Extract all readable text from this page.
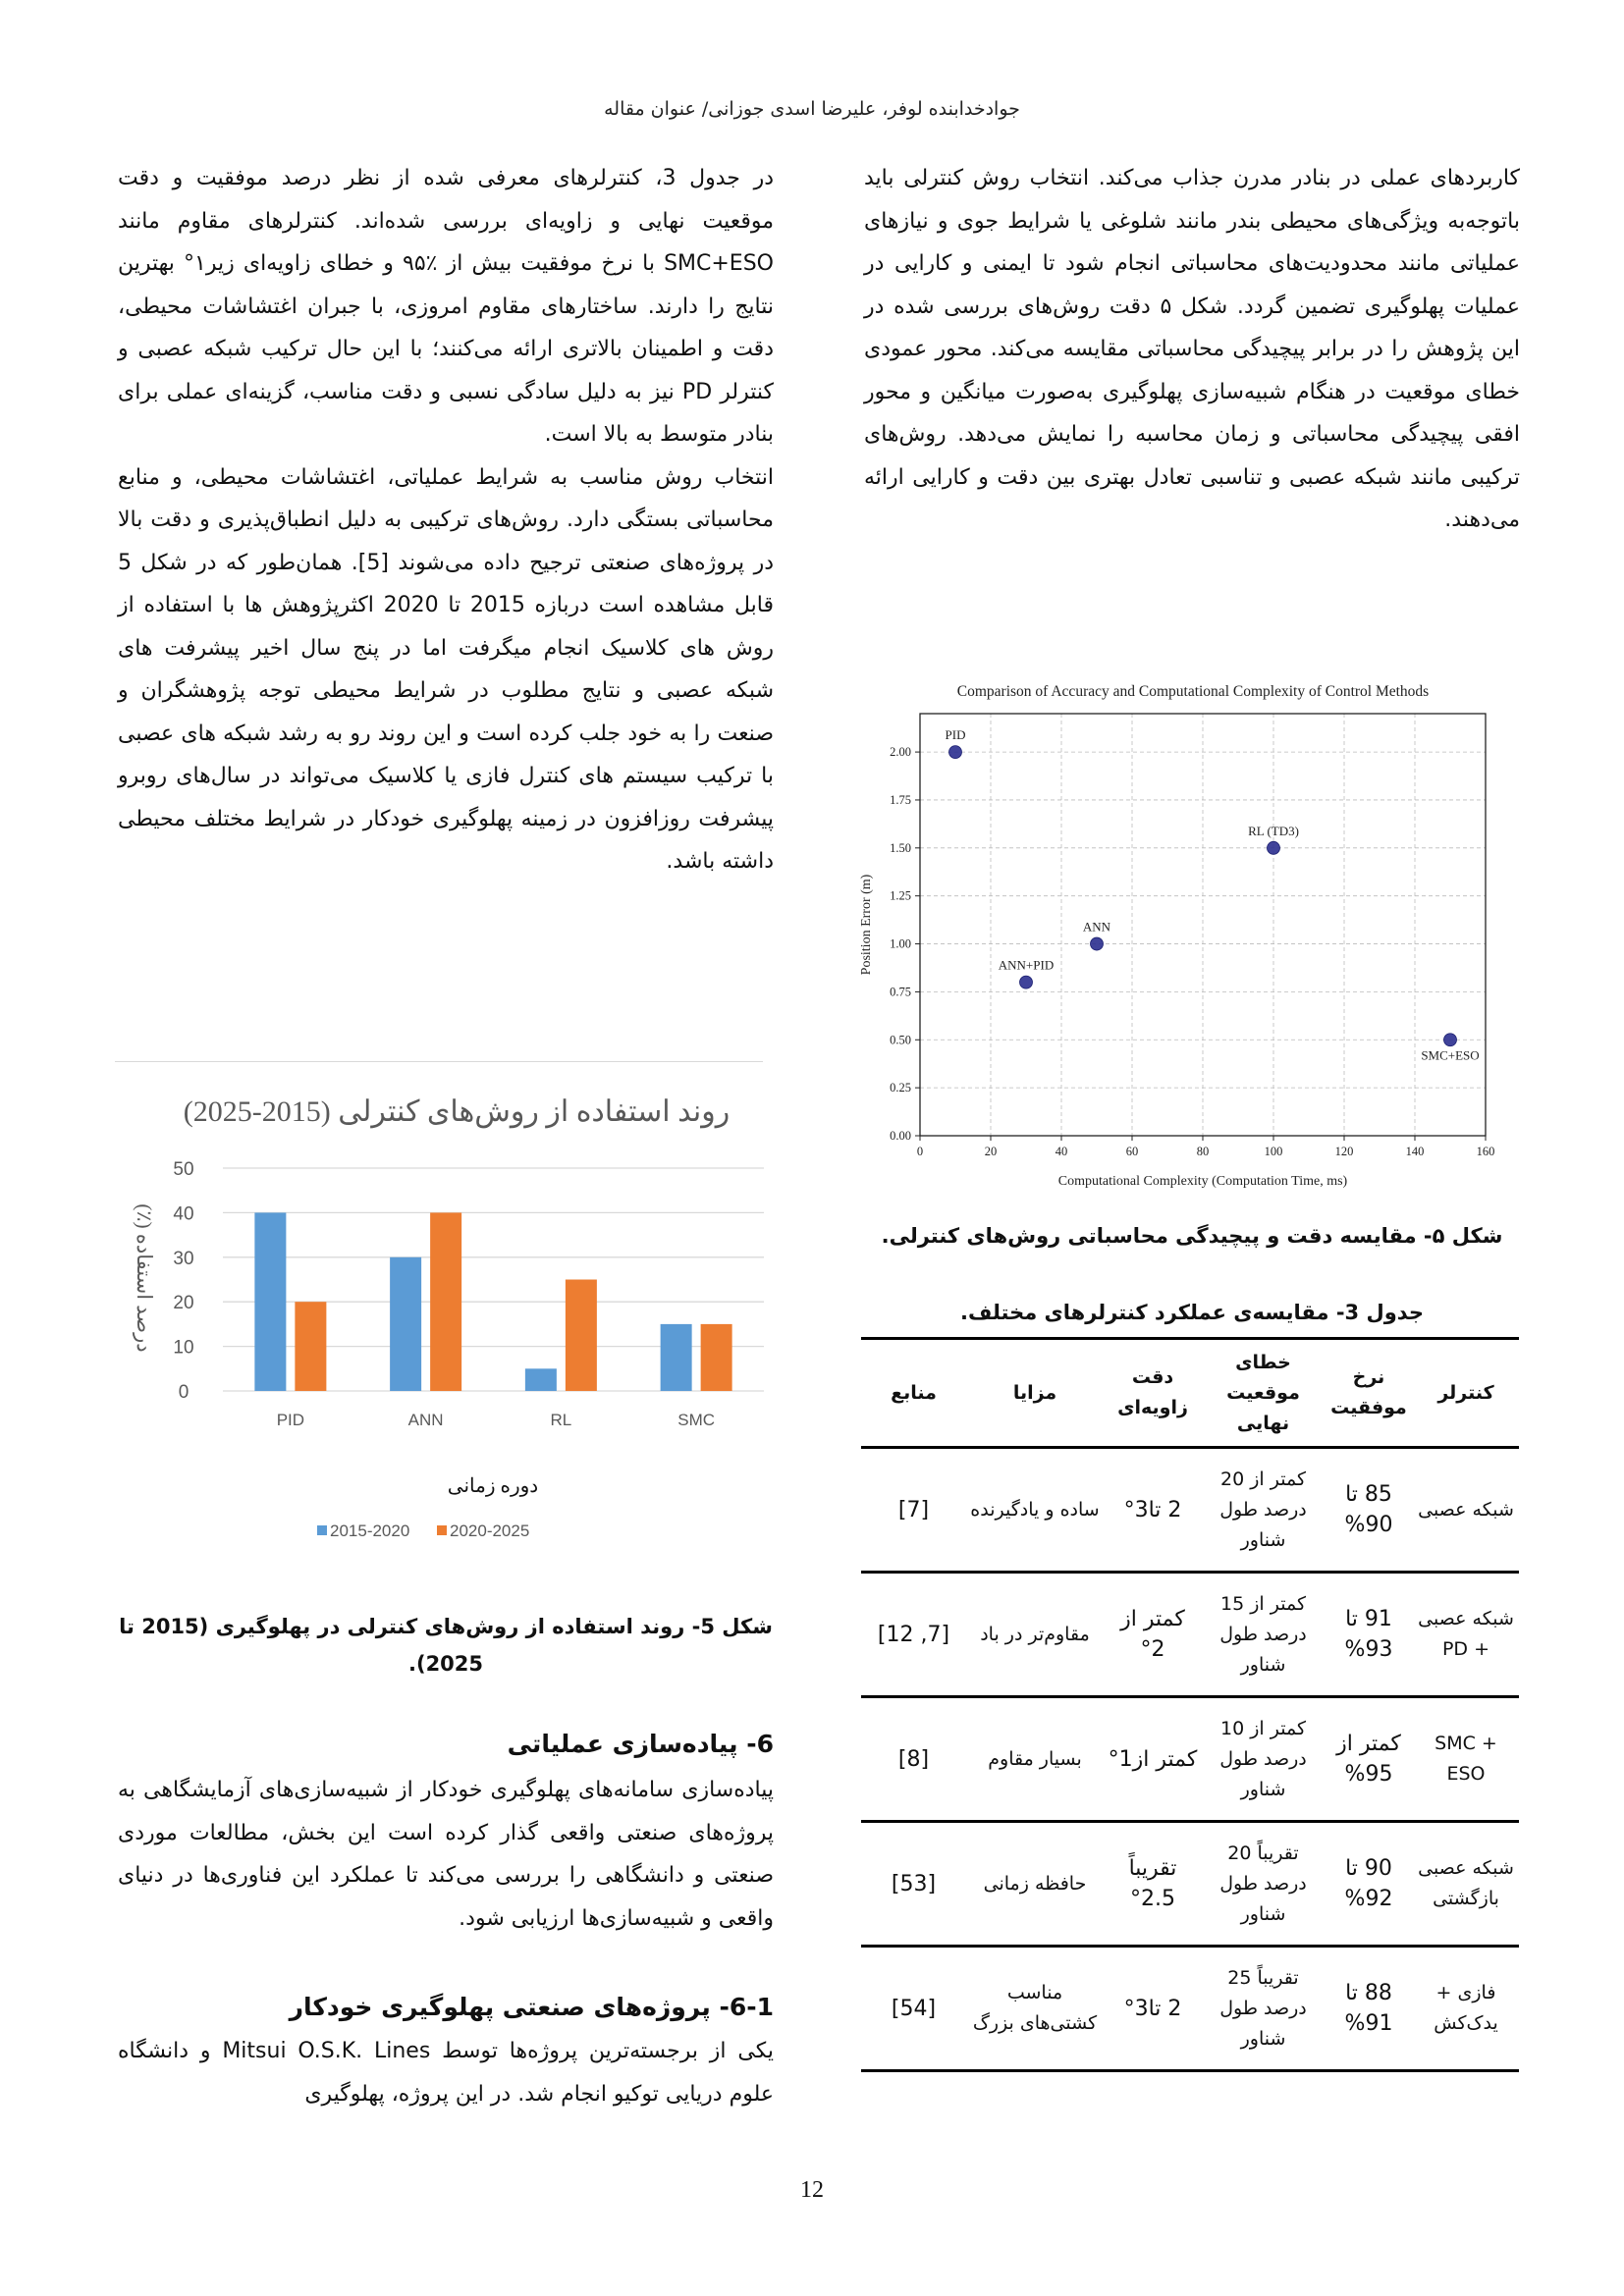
جوادخدابنده لوفر، علیرضا اسدی جوزانی/ عنوان مقاله

کاربردهای عملی در بنادر مدرن جذاب می‌کند. انتخاب روش کنترلی باید باتوجه‌به ویژگی‌های محیطی بندر مانند شلوغی یا شرایط جوی و نیازهای عملیاتی مانند محدودیت‌های محاسباتی انجام شود تا ایمنی و کارایی در عملیات پهلوگیری تضمین گردد. شکل ۵ دقت روش‌های بررسی شده در این پژوهش را در برابر پیچیدگی محاسباتی مقایسه می‌کند. محور عمودی خطای موقعیت در هنگام شبیه‌سازی پهلوگیری به‌صورت میانگین و محور افقی پیچیدگی محاسباتی و زمان محاسبه را نمایش می‌دهد. روش‌های ترکیبی مانند شبکه عصبی و تناسبی تعادل بهتری بین دقت و کارایی ارائه می‌دهند.

Comparison of Accuracy and Computational Complexity of Control Methods
0	20	40	60	80	100	120	140	160
0.00
0.25
0.50
0.75
1.00
1.25
1.50
1.75
2.00
PID
ANN+PID
ANN
RL (TD3)
SMC+ESO
Computational Complexity (Computation Time, ms)
Position Error (m)
شکل ۵- مقایسه دقت و پیچیدگی محاسباتی روش‌های کنترلی.
جدول 3- مقایسه‌ی عملکرد کنترلرهای مختلف.
کنترلر	نرخ موفقیت	خطای موقعیت نهایی	دقت زاویه‌ای	مزایا	منابع
شبکه عصبی	85 تا 90%	کمتر از 20 درصد طول شناور	2 تا3°	ساده و یادگیرنده	[7]
شبکه عصبی + PD	91 تا 93%	کمتر از 15 درصد طول شناور	کمتر از 2°	مقاوم‌تر در باد	[7, 12]
SMC + ESO	کمتر از 95%	کمتر از 10 درصد طول شناور	کمتر از1°	بسیار مقاوم	[8]
شبکه عصبی بازگشتی	90 تا 92%	تقریباً 20 درصد طول شناور	تقریباً 2.5°	حافظه زمانی	[53]
فازی + یدک‌کش	88 تا 91%	تقریباً 25 درصد طول شناور	2 تا3°	مناسب کشتی‌های بزرگ	[54]

در جدول 3، کنترلرهای معرفی شده از نظر درصد موفقیت و دقت موقعیت نهایی و زاویه‌ای بررسی شده‌اند. کنترلرهای مقاوم مانند SMC+ESO با نرخ موفقیت بیش از ٪۹۵ و خطای زاویه‌ای زیر۱° بهترین نتایج را دارند. ساختارهای مقاوم امروزی، با جبران اغتشاشات محیطی، دقت و اطمینان بالاتری ارائه می‌کنند؛ با این حال ترکیب شبکه عصبی و کنترلر PD نیز به دلیل سادگی نسبی و دقت مناسب، گزینه‌ای عملی برای بنادر متوسط به بالا است.

انتخاب روش مناسب به شرایط عملیاتی، اغتشاشات محیطی، و منابع محاسباتی بستگی دارد. روش‌های ترکیبی به دلیل انطباق‌پذیری و دقت بالا در پروژه‌های صنعتی ترجیح داده می‌شوند [5]. همان‌طور که در شکل 5 قابل مشاهده است دربازه 2015 تا 2020 اکثرپژوهش ها با استفاده از روش های کلاسیک انجام میگرفت اما در پنج سال اخیر پیشرفت های شبکه عصبی و نتایج مطلوب در شرایط محیطی توجه پژوهشگران و صنعت را به خود جلب کرده است و این روند رو به رشد شبکه های عصبی با ترکیب سیستم های کنترل فازی یا کلاسیک می‌تواند در سال‌های روبرو پیشرفت روزافزون در زمینه پهلوگیری خودکار در شرایط مختلف محیطی داشته باشد.

روند استفاده از روش‌های کنترلی (2015-2025)
0
10
20
30
40
50
PID	ANN	RL	SMC
درصد استفاده (٪)
دوره زمانی
2015-2020 2020-2025
شکل 5- روند استفاده از روش‌های کنترلی در پهلوگیری (2015 تا 2025).
6- پیاده‌سازی عملیاتی

پیاده‌سازی سامانه‌های پهلوگیری خودکار از شبیه‌سازی‌های آزمایشگاهی به پروژه‌های صنعتی واقعی گذار کرده است این بخش، مطالعات موردی صنعتی و دانشگاهی را بررسی می‌کند تا عملکرد این فناوری‌ها در دنیای واقعی و شبیه‌سازی‌ها ارزیابی شود.

6-1- پروژه‌های صنعتی پهلوگیری خودکار

یکی از برجسته‌ترین پروژه‌ها توسط Mitsui O.S.K. Lines و دانشگاه علوم دریایی توکیو انجام شد. در این پروژه، پهلوگیری

12
